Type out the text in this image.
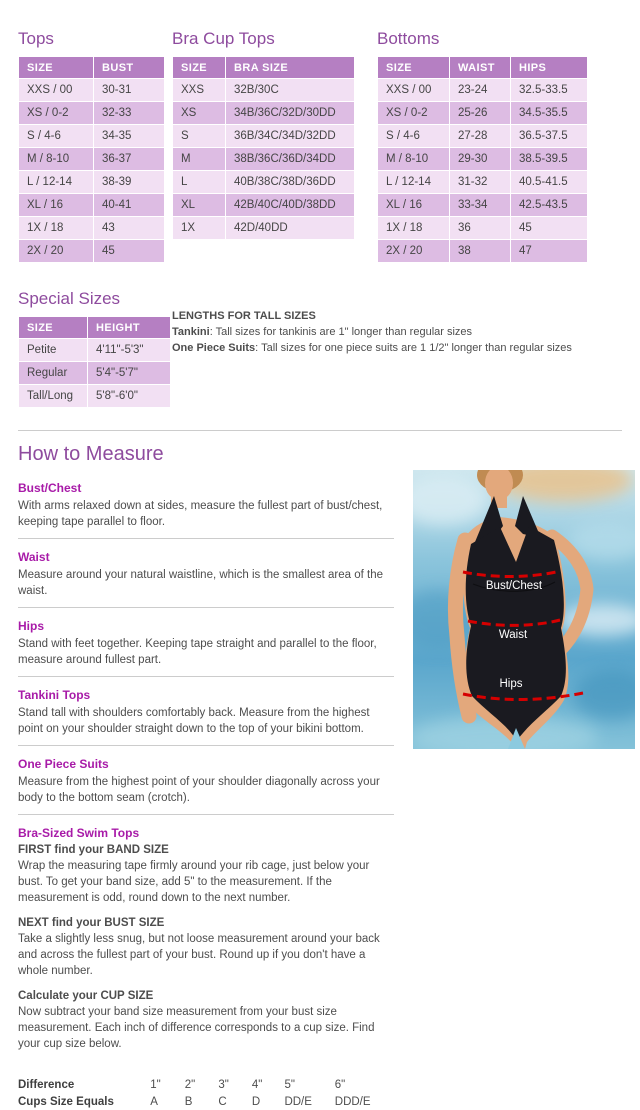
Tops
SIZE	BUST
XXS / 00	30-31
XS / 0-2	32-33
S / 4-6	34-35
M / 8-10	36-37
L / 12-14	38-39
XL / 16	40-41
1X / 18	43
2X / 20	45
Bra Cup Tops
SIZE	BRA SIZE
XXS	32B/30C
XS	34B/36C/32D/30DD
S	36B/34C/34D/32DD
M	38B/36C/36D/34DD
L	40B/38C/38D/36DD
XL	42B/40C/40D/38DD
1X	42D/40DD
Bottoms
SIZE	WAIST	HIPS
XXS / 00	23-24	32.5-33.5
XS / 0-2	25-26	34.5-35.5
S / 4-6	27-28	36.5-37.5
M / 8-10	29-30	38.5-39.5
L / 12-14	31-32	40.5-41.5
XL / 16	33-34	42.5-43.5
1X / 18	36	45
2X / 20	38	47
Special Sizes
SIZE	HEIGHT
Petite	4'11"-5'3"
Regular	5'4"-5'7"
Tall/Long	5'8"-6'0"
LENGTHS FOR TALL SIZES
Tankini: Tall sizes for tankinis are 1" longer than regular sizes
One Piece Suits: Tall sizes for one piece suits are 1 1/2" longer than regular sizes
How to Measure

Bust/Chest

With arms relaxed down at sides, measure the fullest part of bust/chest, keeping tape parallel to floor.

Waist

Measure around your natural waistline, which is the smallest area of the waist.

Hips

Stand with feet together. Keeping tape straight and parallel to the floor, measure around fullest part.

Tankini Tops

Stand tall with shoulders comfortably back. Measure from the highest point on your shoulder straight down to the top of your bikini bottom.

One Piece Suits

Measure from the highest point of your shoulder diagonally across your body to the bottom seam (crotch).

Bra-Sized Swim Tops

FIRST find your BAND SIZE

Wrap the measuring tape firmly around your rib cage, just below your bust. To get your band size, add 5" to the measurement. If the measurement is odd, round down to the next number.

NEXT find your BUST SIZE

Take a slightly less snug, but not loose measurement around your back and across the fullest part of your bust. Round up if you don't have a whole number.

Calculate your CUP SIZE

Now subtract your band size measurement from your bust size measurement. Each inch of difference corresponds to a cup size. Find your cup size below.

Difference	1"	2"	3"	4"	5"	6"
Cups Size Equals	A	B	C	D	DD/E	DDD/E
Bust/Chest
Waist
Hips
